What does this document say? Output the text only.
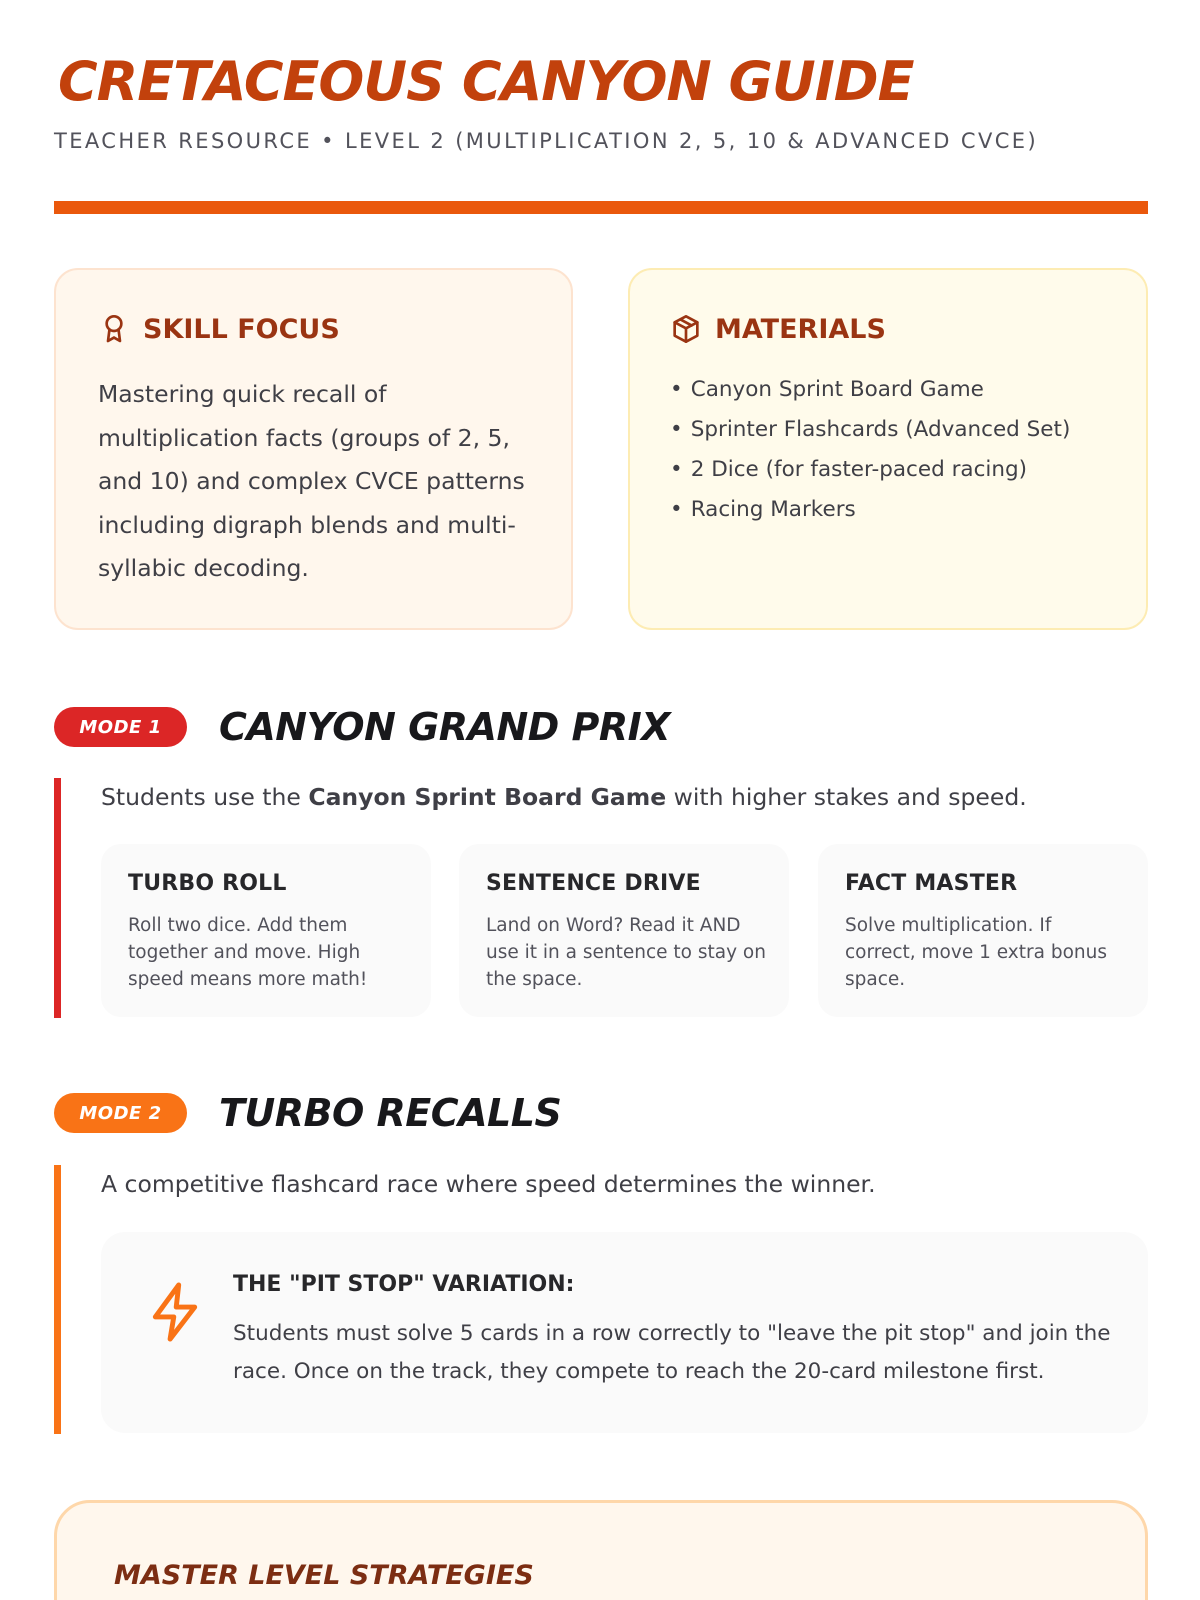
CRETACEOUS CANYON GUIDE
TEACHER RESOURCE • LEVEL 2 (MULTIPLICATION 2, 5, 10 & ADVANCED CVCE)
SKILL FOCUS

Mastering quick recall of multiplication facts (groups of 2, 5, and 10) and complex CVCE patterns including digraph blends and multi-syllabic decoding.

MATERIALS
• Canyon Sprint Board Game
• Sprinter Flashcards (Advanced Set)
• 2 Dice (for faster-paced racing)
• Racing Markers
MODE 1	CANYON GRAND PRIX
Students use the Canyon Sprint Board Game with higher stakes and speed.
TURBO ROLL

Roll two dice. Add them together and move. High speed means more math!

SENTENCE DRIVE

Land on Word? Read it AND use it in a sentence to stay on the space.

FACT MASTER

Solve multiplication. If correct, move 1 extra bonus space.

MODE 2	TURBO RECALLS
A competitive flashcard race where speed determines the winner.
THE "PIT STOP" VARIATION:

Students must solve 5 cards in a row correctly to "leave the pit stop" and join the race. Once on the track, they compete to reach the 20-card milestone first.

MASTER LEVEL STRATEGIES
